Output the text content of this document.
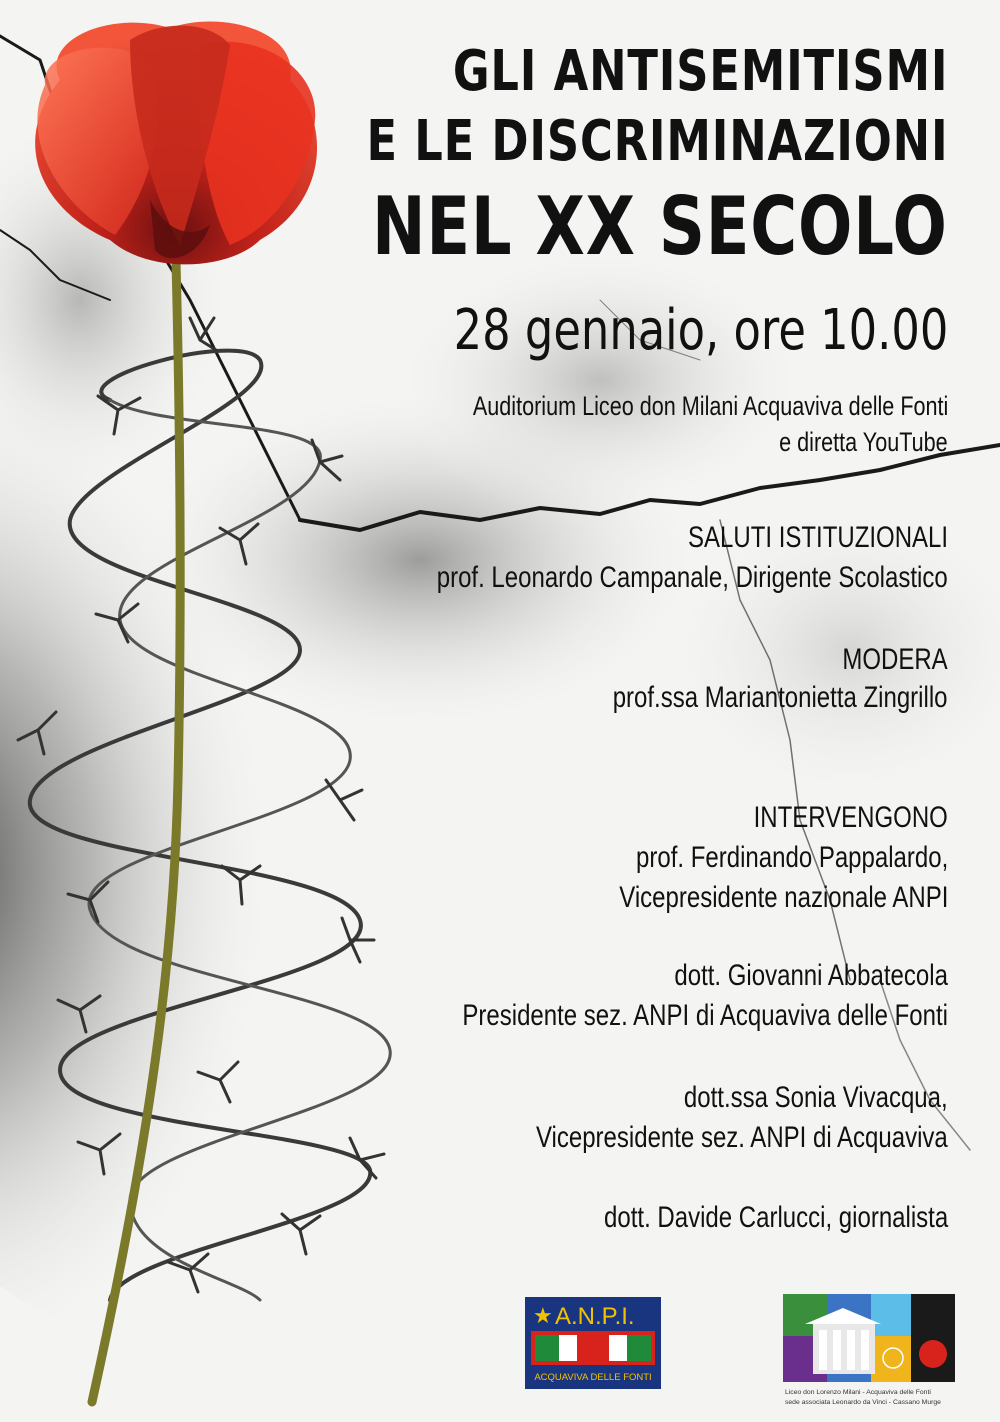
GLI ANTISEMITISMI
E LE DISCRIMINAZIONI
NEL XX SECOLO
28 gennaio, ore 10.00
Auditorium Liceo don Milani Acquaviva delle Fonti
e diretta YouTube
SALUTI ISTITUZIONALI
prof. Leonardo Campanale, Dirigente Scolastico
MODERA
prof.ssa Mariantonietta Zingrillo
INTERVENGONO
prof. Ferdinando Pappalardo,
Vicepresidente nazionale ANPI
dott. Giovanni Abbatecola
Presidente sez. ANPI di Acquaviva delle Fonti
dott.ssa Sonia Vivacqua,
Vicepresidente sez. ANPI di Acquaviva
dott. Davide Carlucci, giornalista
★ A.N.P.I.
ACQUAVIVA DELLE FONTI
Liceo don Lorenzo Milani - Acquaviva delle Fonti
sede associata Leonardo da Vinci - Cassano Murge
